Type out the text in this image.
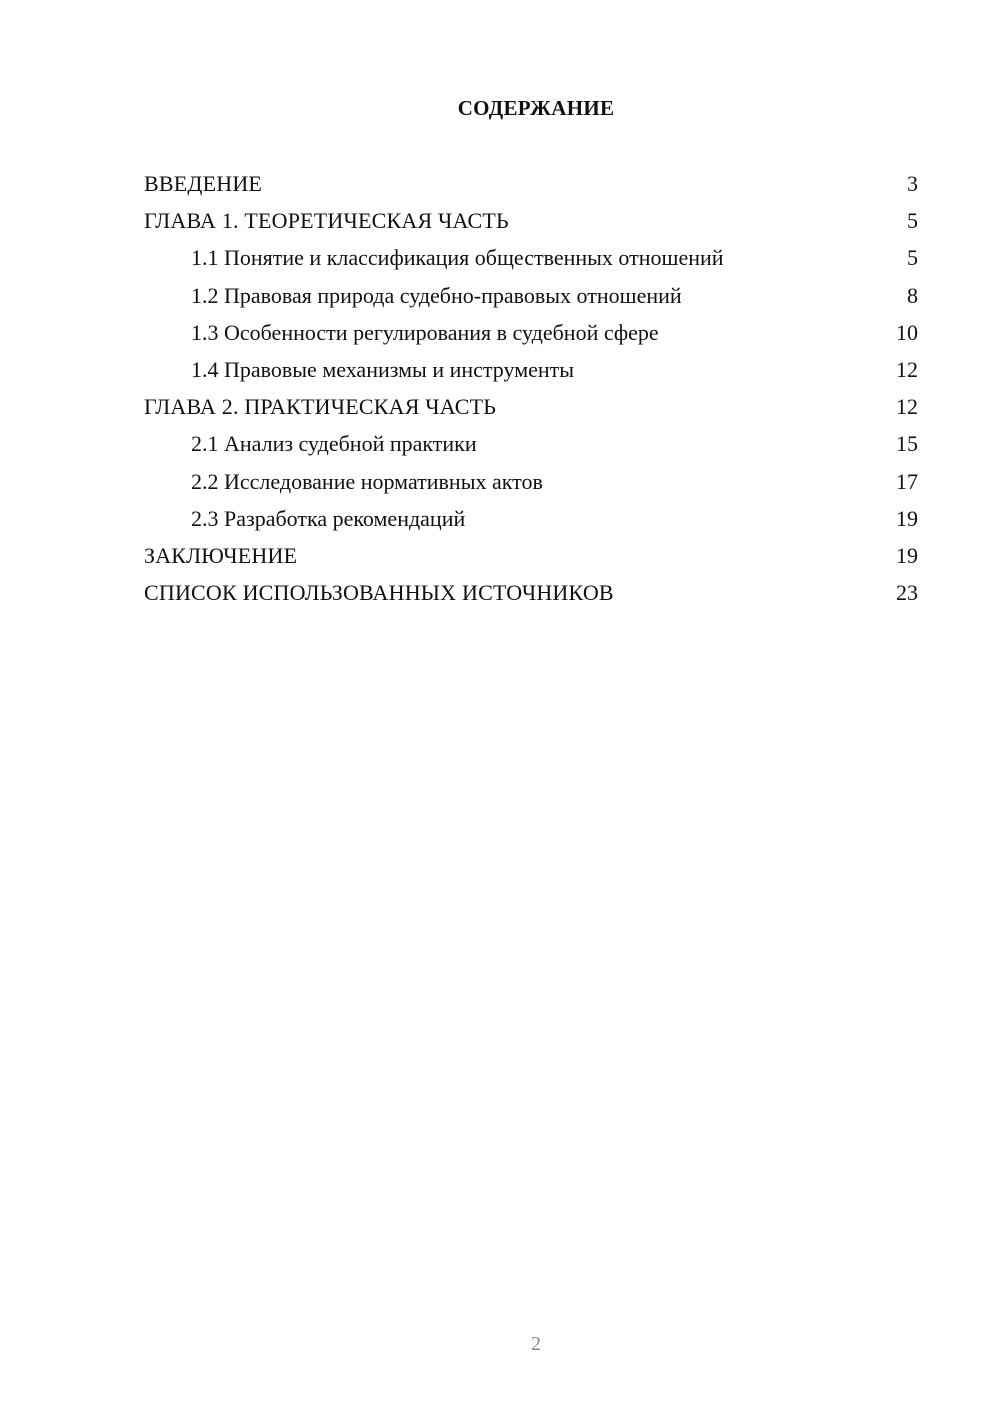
СОДЕРЖАНИЕ
ВВЕДЕНИЕ	3
ГЛАВА 1. ТЕОРЕТИЧЕСКАЯ ЧАСТЬ	5
1.1 Понятие и классификация общественных отношений	5
1.2 Правовая природа судебно-правовых отношений	8
1.3 Особенности регулирования в судебной сфере	10
1.4 Правовые механизмы и инструменты	12
ГЛАВА 2. ПРАКТИЧЕСКАЯ ЧАСТЬ	12
2.1 Анализ судебной практики	15
2.2 Исследование нормативных актов	17
2.3 Разработка рекомендаций	19
ЗАКЛЮЧЕНИЕ	19
СПИСОК ИСПОЛЬЗОВАННЫХ ИСТОЧНИКОВ	23
2
